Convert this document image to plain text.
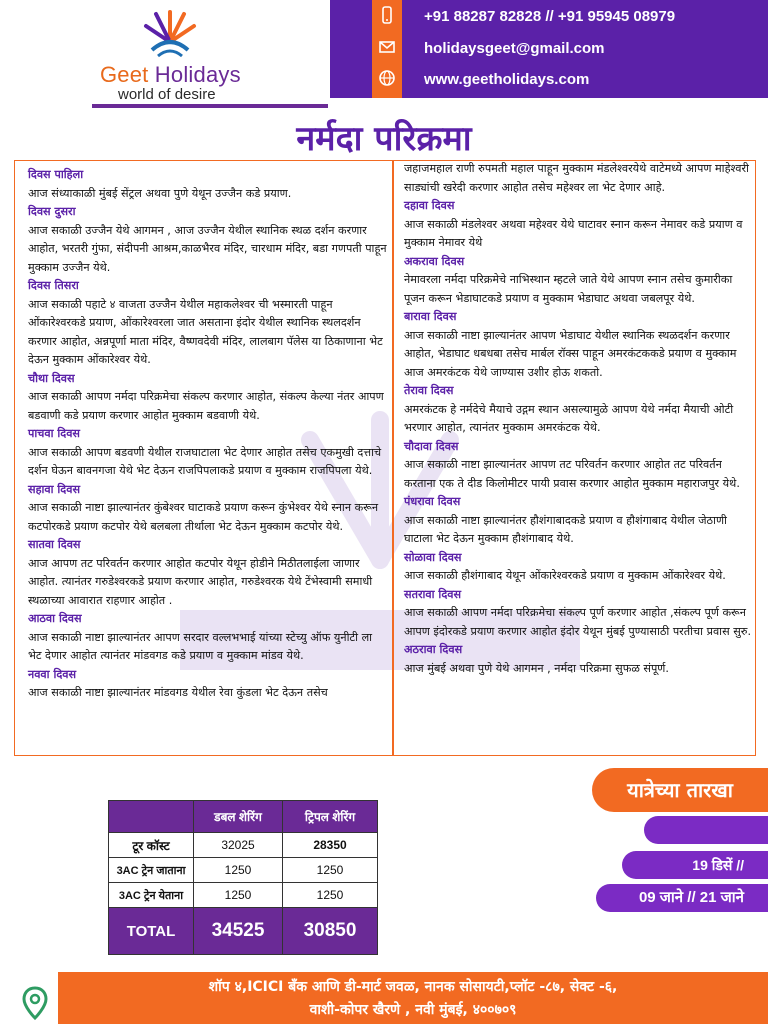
Geet Holidays
world of desire
+91 88287 82828 // +91 95945 08979
holidaysgeet@gmail.com
www.geetholidays.com
नर्मदा परिक्रमा
दिवस पाहिला
आज संध्याकाळी मुंबई सेंट्रल अथवा पुणे येथून उज्जैन कडे प्रयाण.
दिवस दुसरा
आज सकाळी उज्जैन येथे आगमन , आज उज्जैन येथील स्थानिक स्थळ दर्शन करणार आहोत, भरतरी गुंफा, संदीपनी आश्रम,काळभैरव मंदिर, चारधाम मंदिर, बडा गणपती पाहून मुक्काम उज्जैन येथे.
दिवस तिसरा
आज सकाळी पहाटे ४ वाजता उज्जैन येथील महाकलेश्वर ची भस्मारती पाहून ओंकारेश्वरकडे प्रयाण, ओंकारेश्वरला जात असताना इंदोर येथील स्थानिक स्थलदर्शन करणार आहोत, अन्नपूर्णा माता मंदिर, वैष्णवदेवी मंदिर, लालबाग पॅलेस या ठिकाणाना भेट देऊन मुक्काम ओंकारेश्वर येथे.
चौथा दिवस
आज सकाळी आपण नर्मदा परिक्रमेचा संकल्प करणार आहोत, संकल्प केल्या नंतर आपण बडवाणी कडे प्रयाण करणार आहोत मुक्काम बडवाणी येथे.
पाचवा दिवस
आज सकाळी आपण बडवणी येथील राजघाटाला भेट देणार आहोत तसेच एकमुखी दत्ताचे दर्शन घेऊन बावनगजा येथे भेट देऊन राजपिपलाकडे प्रयाण व मुक्काम राजपिपला येथे.
सहावा दिवस
आज सकाळी नाष्टा झाल्यानंतर कुंबेश्वर घाटाकडे प्रयाण करून कुंभेश्वर येथे स्नान करून कटपोरकडे प्रयाण कटपोर येथे बलबला तीर्थाला भेट देऊन मुक्काम कटपोर येथे.
सातवा दिवस
आज आपण तट परिवर्तन करणार आहोत कटपोर येथून होडीने मिठीतलाईला जाणार आहोत. त्यानंतर गरुडेश्वरकडे प्रयाण करणार आहोत, गरुडेश्वरक येथे टेंभेस्वामी समाधी स्थळाच्या आवारात राहणार आहोत .
आठवा दिवस
आज सकाळी नाष्टा झाल्यानंतर आपण सरदार वल्लभभाई यांच्या स्टेच्यु ऑफ युनीटी ला भेट देणार आहोत त्यानंतर मांडवगड कडे प्रयाण व मुक्काम मांडव येथे.
नववा दिवस
आज सकाळी नाष्टा झाल्यानंतर मांडवगड येथील रेवा कुंडला भेट देऊन तसेच
जहाजमहाल राणी रुपमती महाल पाहून मुक्काम मंडलेश्वरयेथे वाटेमध्ये आपण माहेश्वरी साड्यांची खरेदी करणार आहोत तसेच महेश्वर ला भेट देणार आहे.
दहावा दिवस
आज सकाळी मंडलेश्वर अथवा महेश्वर येथे घाटावर स्नान करून नेमावर कडे प्रयाण व मुक्काम नेमावर येथे
अकरावा दिवस
नेमावरला नर्मदा परिक्रमेचे नाभिस्थान म्हटले जाते येथे आपण स्नान तसेच कुमारीका पूजन करून भेडाघाटकडे प्रयाण व मुक्काम भेडाघाट अथवा जबलपूर येथे.
बारावा दिवस
आज सकाळी नाष्टा झाल्यानंतर आपण भेडाघाट येथील स्थानिक स्थळदर्शन करणार आहोत, भेडाघाट धबधबा तसेच मार्बल रॉक्स पाहून अमरकंटककडे प्रयाण व मुक्काम आज अमरकंटक येथे जाण्यास उशीर होऊ शकतो.
तेरावा दिवस
अमरकंटक हे नर्मदेचे मैयाचे उद्गम स्थान असल्यामुळे आपण येथे नर्मदा मैयाची ओटी भरणार आहोत, त्यानंतर मुक्काम अमरकंटक येथे.
चौदावा दिवस
आज सकाळी नाष्टा झाल्यानंतर आपण तट परिवर्तन करणार आहोत तट परिवर्तन करताना एक ते दीड किलोमीटर पायी प्रवास करणार आहोत मुक्काम महाराजपुर येथे.
पंधरावा दिवस
आज सकाळी नाष्टा झाल्यानंतर हौशंगाबादकडे प्रयाण व हौशंगाबाद येथील जेठाणी घाटाला भेट देऊन मुक्काम हौशंगाबाद येथे.
सोळावा दिवस
आज सकाळी हौशंगाबाद येथून ओंकारेश्वरकडे प्रयाण व मुक्काम ओंकारेश्वर येथे.
सतरावा दिवस
आज सकाळी आपण नर्मदा परिक्रमेचा संकल्प पूर्ण करणार आहोत ,संकल्प पूर्ण करून आपण इंदोरकडे प्रयाण करणार आहोत इंदोर येथून मुंबई पुण्यासाठी परतीचा प्रवास सुरु.
अठरावा दिवस
आज मुंबई अथवा पुणे येथे आगमन , नर्मदा परिक्रमा सुफळ संपूर्ण.
	डबल शेरिंग	ट्रिपल शेरिंग
टूर कॉस्ट	32025	28350
3AC ट्रेन जाताना	1250	1250
3AC ट्रेन येताना	1250	1250
TOTAL	34525	30850
यात्रेच्या तारखा
19 डिसें //
09 जाने // 21 जाने
शॉप ४,ICICI बँक आणि डी-मार्ट जवळ, नानक सोसायटी,प्लॉट -८७, सेक्ट -६,
वाशी-कोपर खैरणे , नवी मुंबई, ४००७०९
